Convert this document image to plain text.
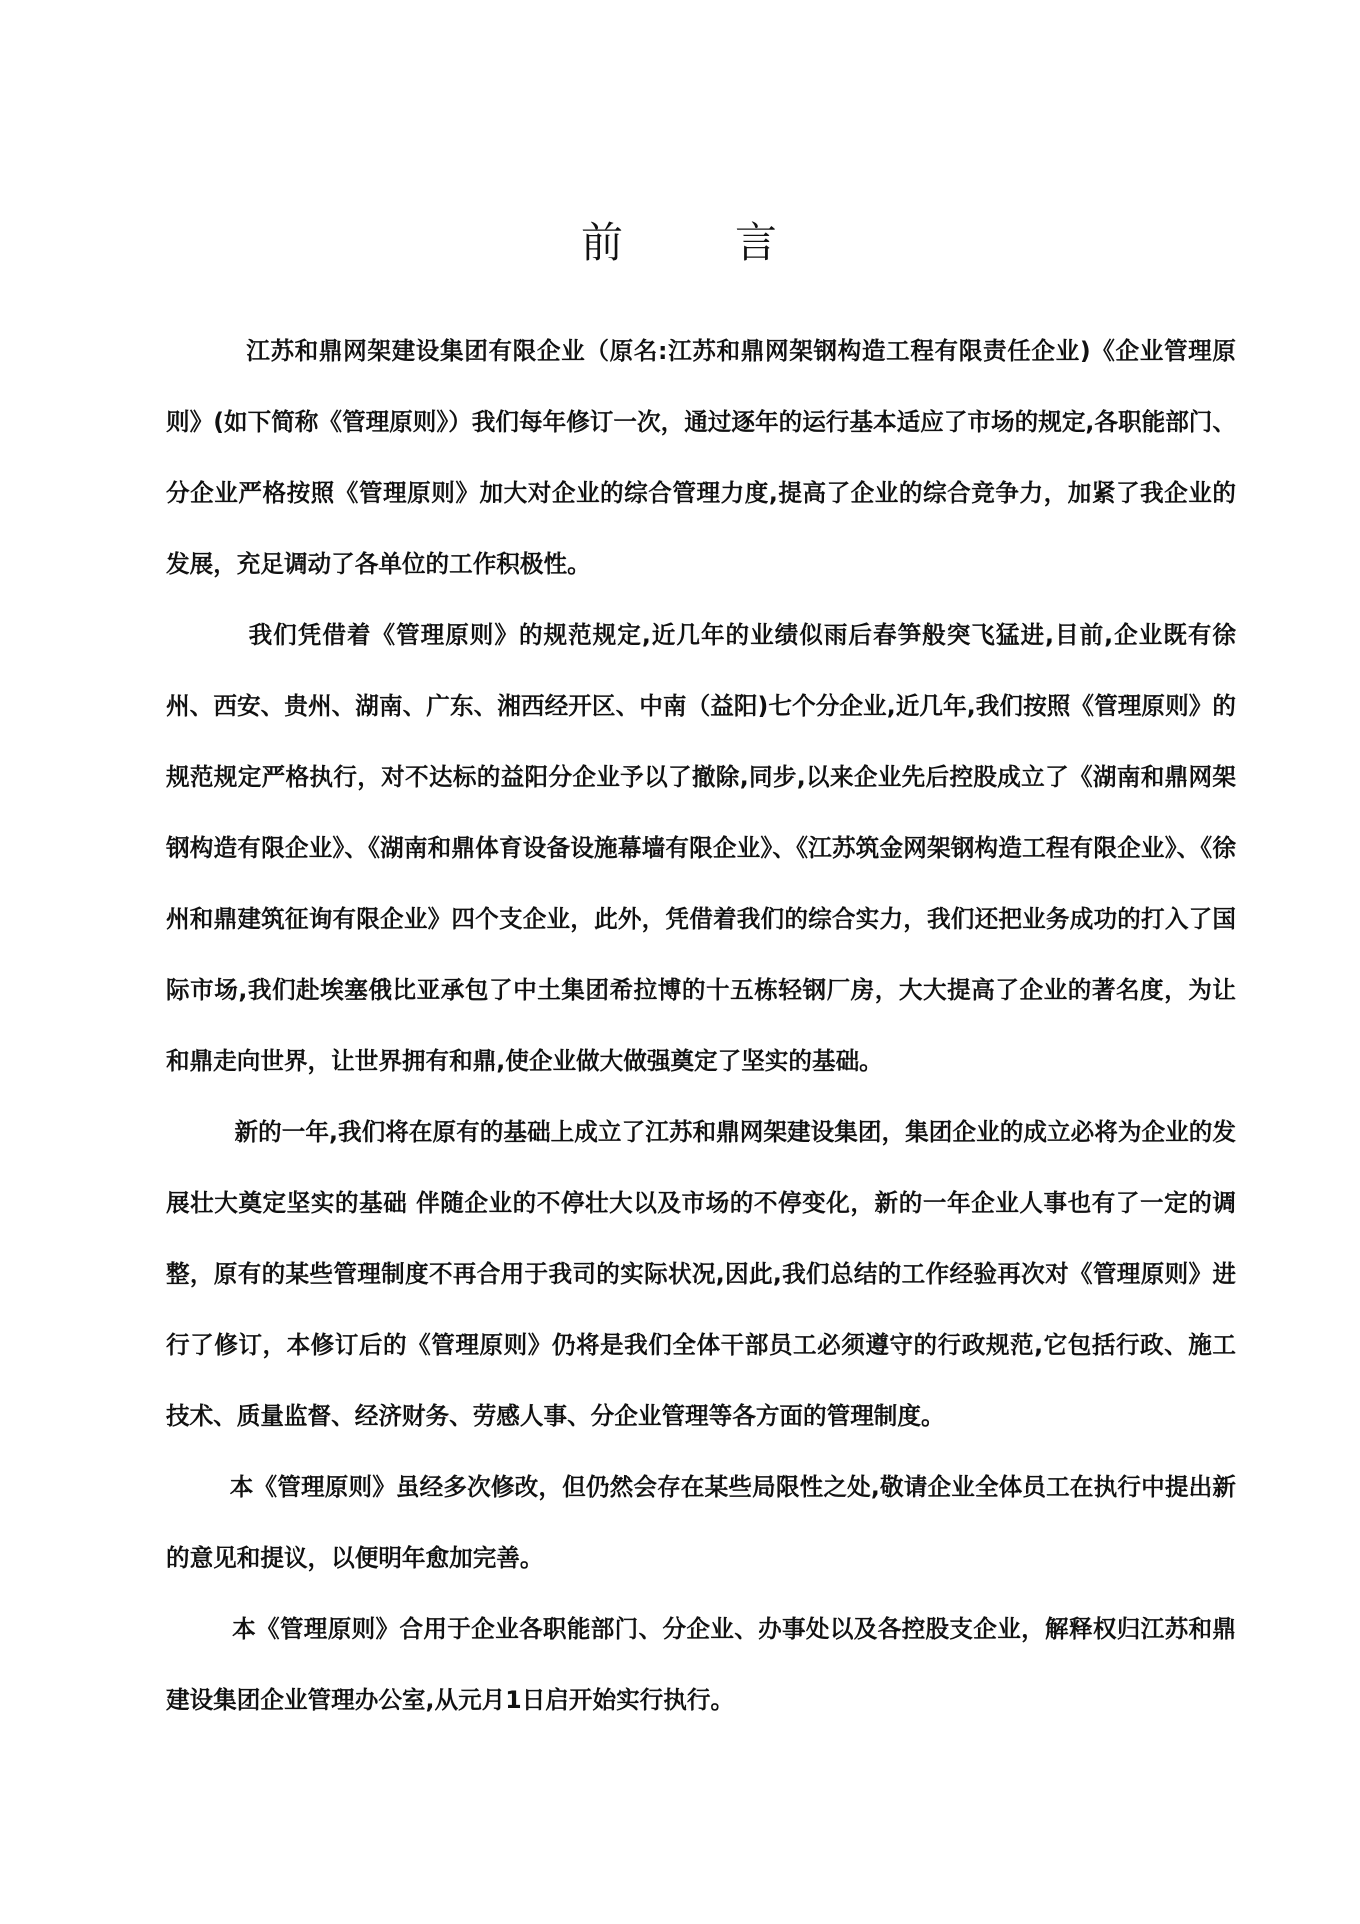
前	言

江苏和鼎网架建设集团有限企业（原名:江苏和鼎网架钢构造工程有限责任企业)《企业管理原则》(如下简称《管理原则》）我们每年修订一次，通过逐年的运行基本适应了市场的规定,各职能部门、分企业严格按照《管理原则》加大对企业的综合管理力度,提高了企业的综合竞争力，加紧了我企业的发展，充足调动了各单位的工作积极性。

我们凭借着《管理原则》的规范规定,近几年的业绩似雨后春笋般突飞猛进,目前,企业既有徐州、西安、贵州、湖南、广东、湘西经开区、中南（益阳)七个分企业,近几年,我们按照《管理原则》的规范规定严格执行，对不达标的益阳分企业予以了撤除,同步,以来企业先后控股成立了《湖南和鼎网架钢构造有限企业》、《湖南和鼎体育设备设施幕墙有限企业》、《江苏筑金网架钢构造工程有限企业》、《徐州和鼎建筑征询有限企业》四个支企业，此外，凭借着我们的综合实力，我们还把业务成功的打入了国际市场,我们赴埃塞俄比亚承包了中土集团希拉博的十五栋轻钢厂房，大大提高了企业的著名度，为让和鼎走向世界，让世界拥有和鼎,使企业做大做强奠定了坚实的基础。

新的一年,我们将在原有的基础上成立了江苏和鼎网架建设集团，集团企业的成立必将为企业的发展壮大奠定坚实的基础 伴随企业的不停壮大以及市场的不停变化，新的一年企业人事也有了一定的调整，原有的某些管理制度不再合用于我司的实际状况,因此,我们总结的工作经验再次对《管理原则》进行了修订，本修订后的《管理原则》仍将是我们全体干部员工必须遵守的行政规范,它包括行政、施工技术、质量监督、经济财务、劳感人事、分企业管理等各方面的管理制度。

本《管理原则》虽经多次修改，但仍然会存在某些局限性之处,敬请企业全体员工在执行中提出新的意见和提议，以便明年愈加完善。

本《管理原则》合用于企业各职能部门、分企业、办事处以及各控股支企业，解释权归江苏和鼎建设集团企业管理办公室,从元月1日启开始实行执行。
